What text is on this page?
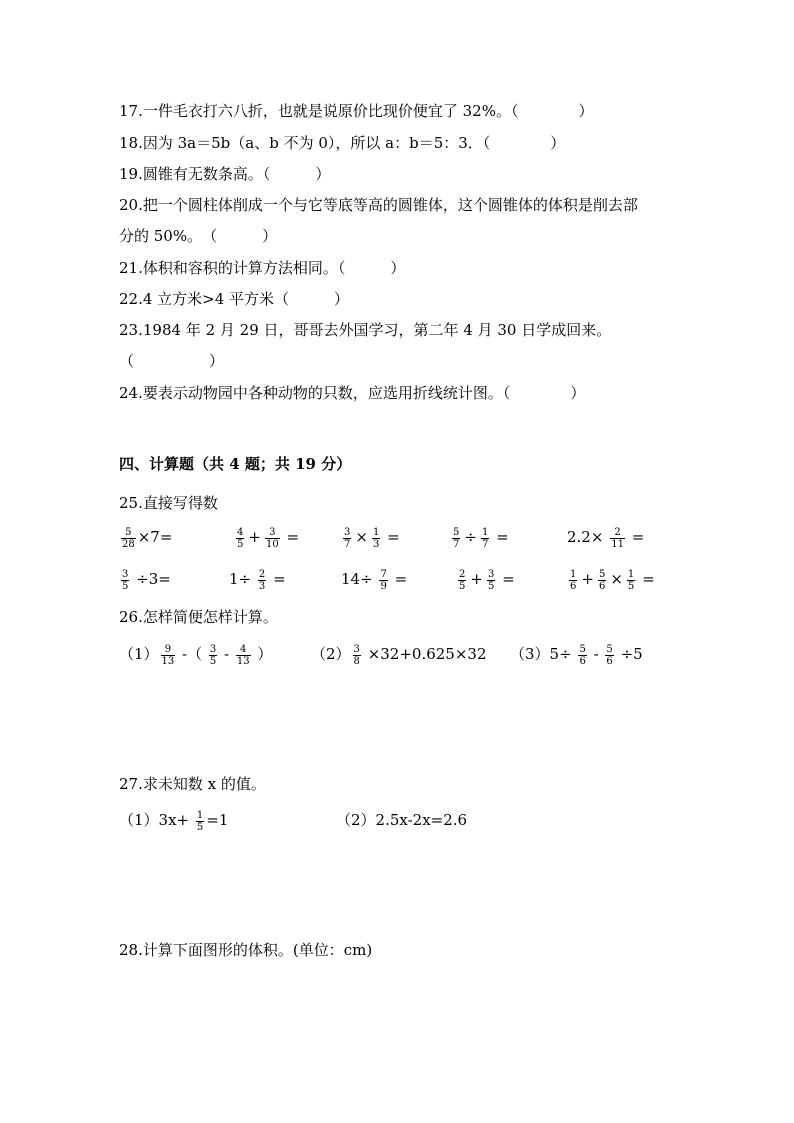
17.一件毛衣打六八折，也就是说原价比现价便宜了 32%。（　　　　）
18.因为 3a＝5b（a、b 不为 0），所以 a：b＝5：3．（　　　　）
19.圆锥有无数条高。（　　　）
20.把一个圆柱体削成一个与它等底等高的圆锥体，这个圆锥体的体积是削去部
分的 50%。　（　　　）
21.体积和容积的计算方法相同。（　　　）
22.4 立方米>4 平方米（　　　）
23.1984 年 2 月 29 日，哥哥去外国学习，第二年 4 月 30 日学成回来。
（　　　　　）
24.要表示动物园中各种动物的只数，应选用折线统计图。（　　　　）
四、计算题（共 4 题；共 19 分）
25.直接写得数
$\frac{5}{28} \times 7=$	$\frac{4}{5} + \frac{3}{10}$ =	$\frac{3}{7} \times \frac{1}{3}$ =	$\frac{5}{7} \div \frac{1}{7}$ =	$2.2\times \frac{2}{11}$ =
$\frac{3}{5} \div 3=$	$1\div \frac{2}{3}$ =	$14\div \frac{7}{9}$ =	$\frac{2}{5} + \frac{3}{5}$ =	$\frac{1}{6} + \frac{5}{6} \times \frac{1}{5}$ =
26.怎样简便怎样计算。
$(1) \frac{9}{13}$ -（ $\frac{3}{5} - \frac{4}{13}$ ）	$(2) \frac{3}{8} \times 32+0.625\times 32$ $(3)5\div \frac{5}{6} - \frac{5}{6} \div 5$
27.求未知数 x 的值。
$(1)3x+ \frac{1}{5} =1$	（2）2.5x-2x=2.6
28.计算下面图形的体积。(单位：cm)
